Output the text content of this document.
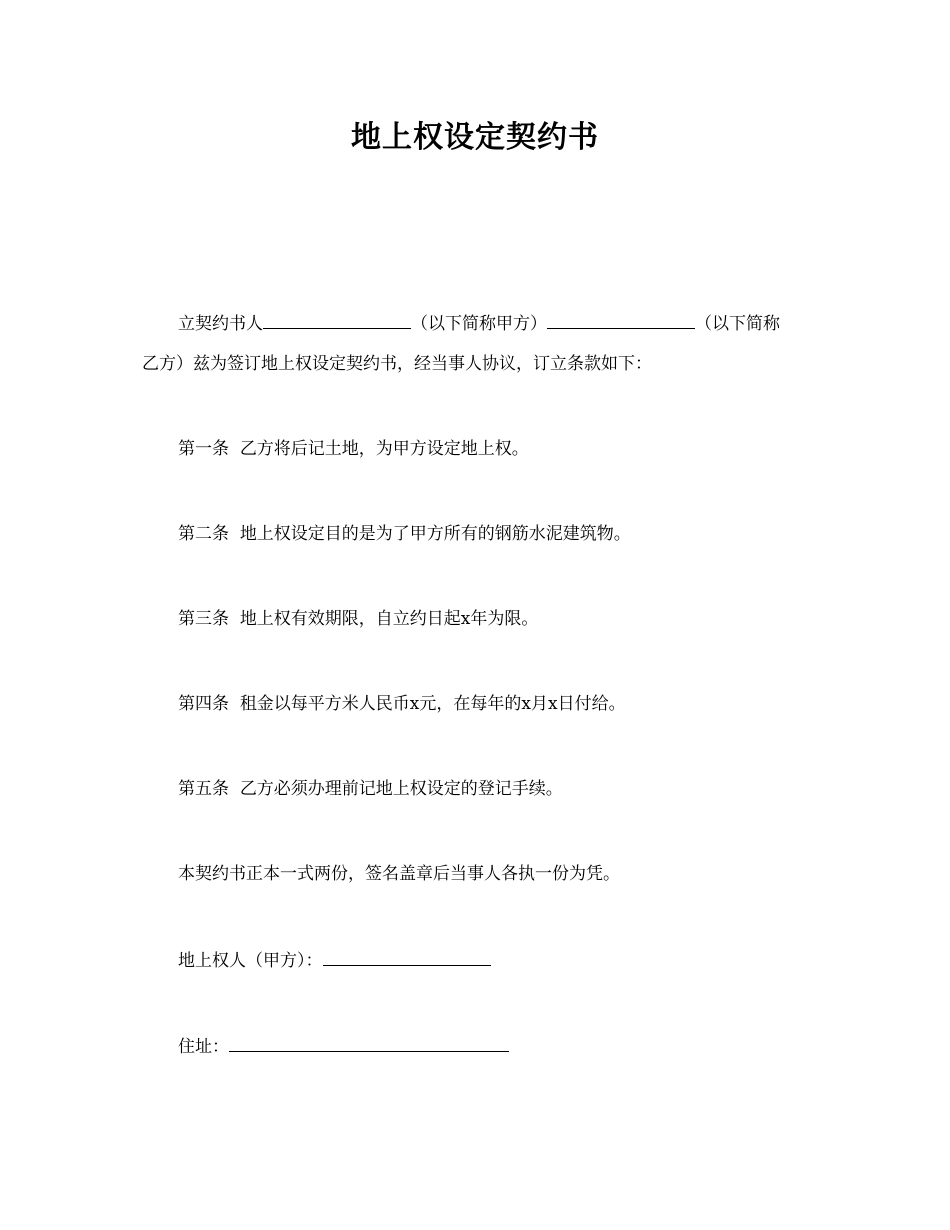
地上权设定契约书
立契约书人	（以下简称甲方）	（以下简称
乙方）兹为签订地上权设定契约书，经当事人协议，订立条款如下：
第一条 乙方将后记土地，为甲方设定地上权。
第二条 地上权设定目的是为了甲方所有的钢筋水泥建筑物。
第三条 地上权有效期限，自立约日起x年为限。
第四条 租金以每平方米人民币x元，在每年的x月x日付给。
第五条 乙方必须办理前记地上权设定的登记手续。
本契约书正本一式两份，签名盖章后当事人各执一份为凭。
地上权人（甲方）：
住址：
